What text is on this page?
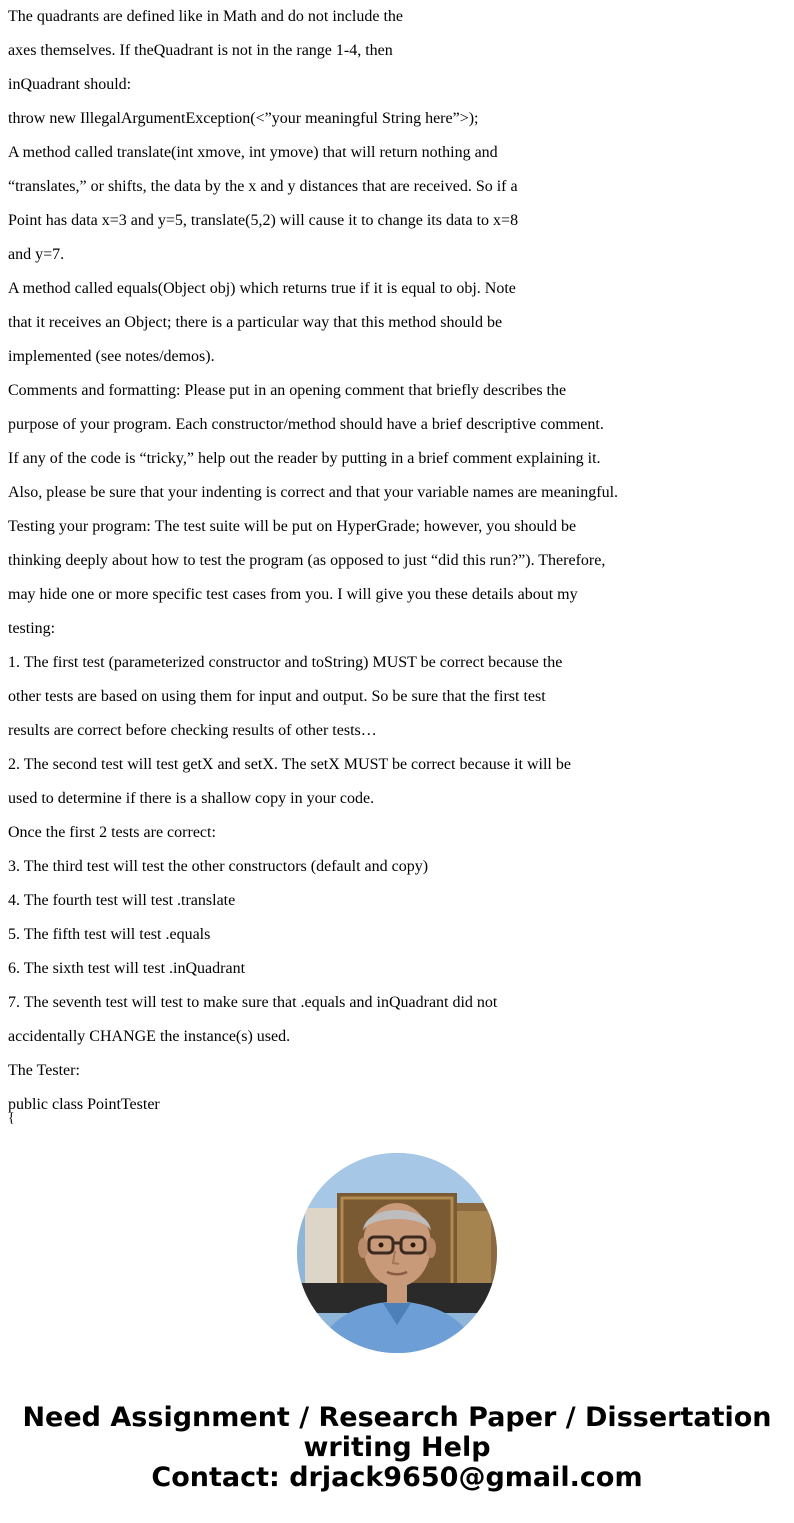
The quadrants are defined like in Math and do not include the
axes themselves. If theQuadrant is not in the range 1-4, then
inQuadrant should:
throw new IllegalArgumentException(<”your meaningful String here”>);
A method called translate(int xmove, int ymove) that will return nothing and
“translates,” or shifts, the data by the x and y distances that are received. So if a
Point has data x=3 and y=5, translate(5,2) will cause it to change its data to x=8
and y=7.
A method called equals(Object obj) which returns true if it is equal to obj. Note
that it receives an Object; there is a particular way that this method should be
implemented (see notes/demos).
Comments and formatting: Please put in an opening comment that briefly describes the
purpose of your program. Each constructor/method should have a brief descriptive comment.
If any of the code is “tricky,” help out the reader by putting in a brief comment explaining it.
Also, please be sure that your indenting is correct and that your variable names are meaningful.
Testing your program: The test suite will be put on HyperGrade; however, you should be
thinking deeply about how to test the program (as opposed to just “did this run?”). Therefore,
may hide one or more specific test cases from you. I will give you these details about my
testing:
1. The first test (parameterized constructor and toString) MUST be correct because the
other tests are based on using them for input and output. So be sure that the first test
results are correct before checking results of other tests…
2. The second test will test getX and setX. The setX MUST be correct because it will be
used to determine if there is a shallow copy in your code.
Once the first 2 tests are correct:
3. The third test will test the other constructors (default and copy)
4. The fourth test will test .translate
5. The fifth test will test .equals
6. The sixth test will test .inQuadrant
7. The seventh test will test to make sure that .equals and inQuadrant did not
accidentally CHANGE the instance(s) used.
The Tester:
public class PointTester
{
Need Assignment / Research Paper / Dissertation
writing Help
Contact: drjack9650@gmail.com
